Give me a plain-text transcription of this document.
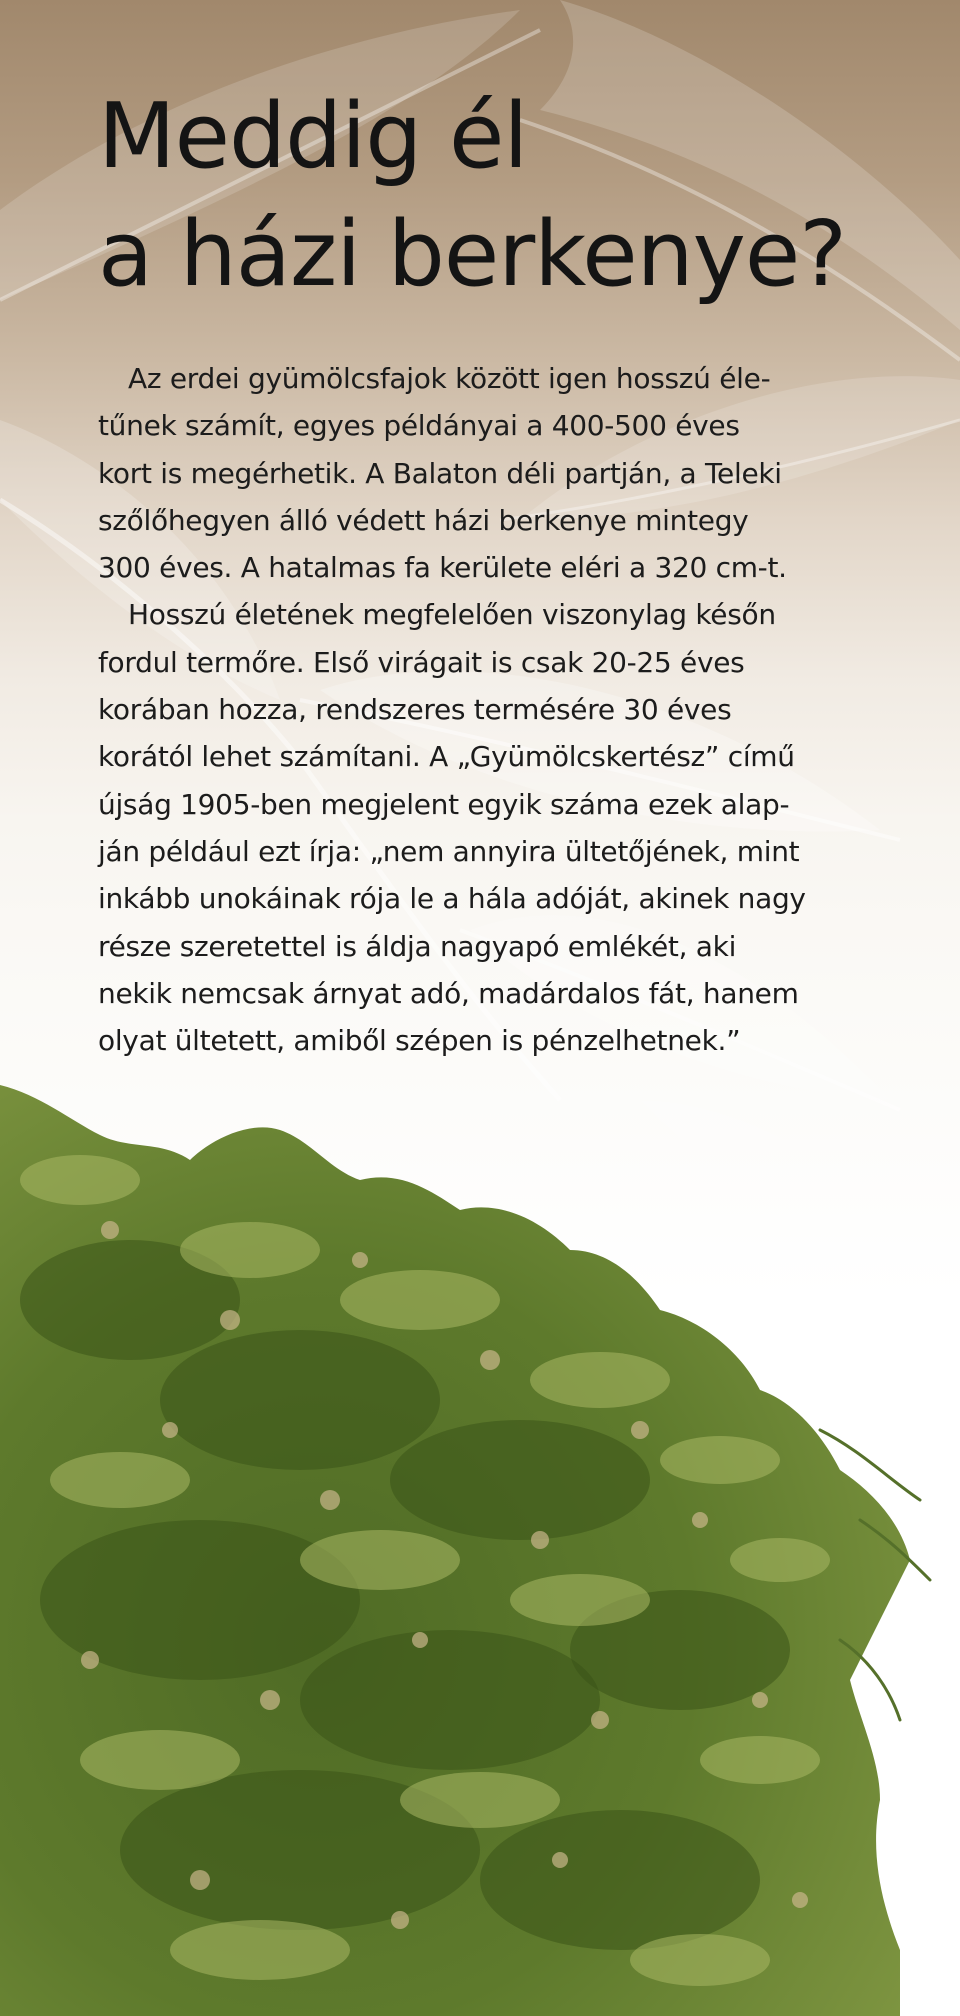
Meddig él
a házi berkenye?
Az erdei gyümölcsfajok között igen hosszú éle-
tűnek számít, egyes példányai a 400-500 éves
kort is megérhetik. A Balaton déli partján, a Teleki
szőlőhegyen álló védett házi berkenye mintegy
300 éves. A hatalmas fa kerülete eléri a 320 cm-t.
Hosszú életének megfelelően viszonylag későn
fordul termőre. Első virágait is csak 20-25 éves
korában hozza, rendszeres termésére 30 éves
korától lehet számítani. A „Gyümölcskertész” című
újság 1905-ben megjelent egyik száma ezek alap-
ján például ezt írja: „nem annyira ültetőjének, mint
inkább unokáinak rója le a hála adóját, akinek nagy
része szeretettel is áldja nagyapó emlékét, aki
nekik nemcsak árnyat adó, madárdalos fát, hanem
olyat ültetett, amiből szépen is pénzelhetnek.”
